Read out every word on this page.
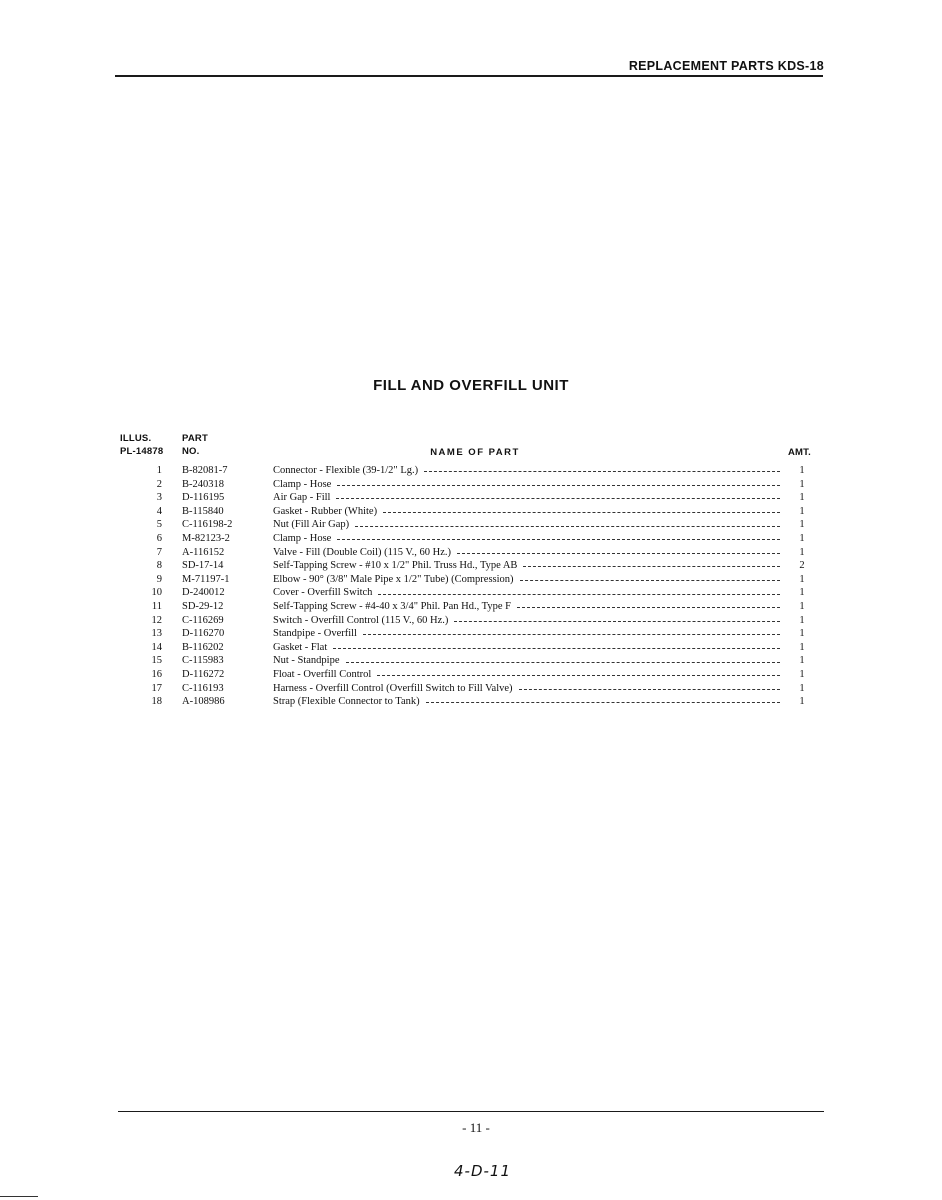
REPLACEMENT PARTS KDS-18
FILL AND OVERFILL UNIT
ILLUS.
PL-14878
PART
NO.	NAME OF PART	AMT.
1 B-82081-7	Connector - Flexible (39-1/2" Lg.)	1
2 B-240318	Clamp - Hose	1
3 D-116195	Air Gap - Fill	1
4 B-115840	Gasket - Rubber (White)	1
5 C-116198-2	Nut (Fill Air Gap)	1
6 M-82123-2	Clamp - Hose	1
7 A-116152	Valve - Fill (Double Coil) (115 V., 60 Hz.)	1
8 SD-17-14	Self-Tapping Screw - #10 x 1/2" Phil. Truss Hd., Type AB	2
9 M-71197-1	Elbow - 90° (3/8" Male Pipe x 1/2" Tube) (Compression)	1
10 D-240012	Cover - Overfill Switch	1
11 SD-29-12	Self-Tapping Screw - #4-40 x 3/4" Phil. Pan Hd., Type F	1
12 C-116269	Switch - Overfill Control (115 V., 60 Hz.)	1
13 D-116270	Standpipe - Overfill	1
14 B-116202	Gasket - Flat	1
15 C-115983	Nut - Standpipe	1
16 D-116272	Float - Overfill Control	1
17 C-116193	Harness - Overfill Control (Overfill Switch to Fill Valve)	1
18 A-108986	Strap (Flexible Connector to Tank)	1
- 11 -
4-D-11
